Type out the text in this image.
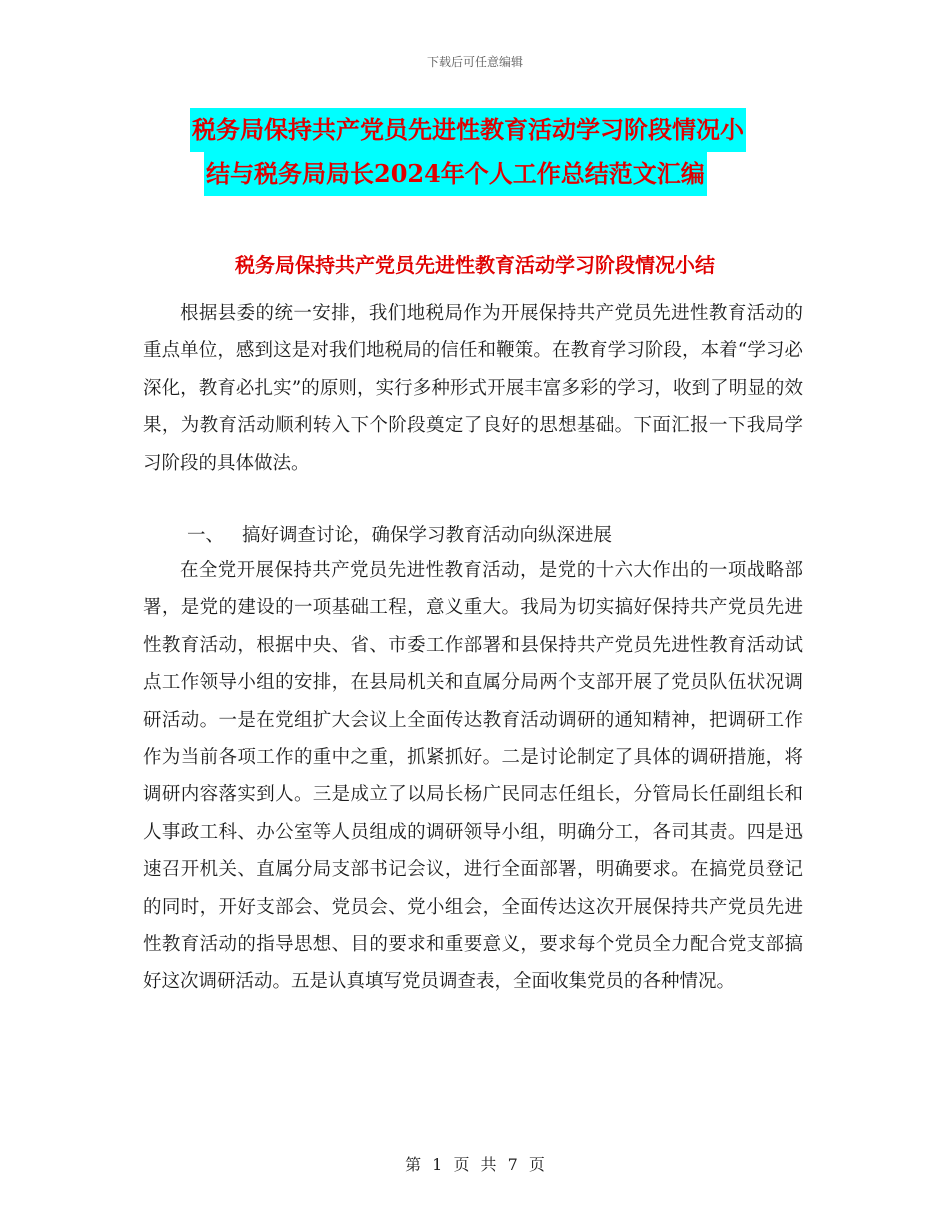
下载后可任意编辑
税务局保持共产党员先进性教育活动学习阶段情况小
结与税务局局长2024年个人工作总结范文汇编
税务局保持共产党员先进性教育活动学习阶段情况小结

根据县委的统一安排，我们地税局作为开展保持共产党员先进性教育活动的重点单位，感到这是对我们地税局的信任和鞭策。在教育学习阶段，本着“学习必深化，教育必扎实”的原则，实行多种形式开展丰富多彩的学习，收到了明显的效果，为教育活动顺利转入下个阶段奠定了良好的思想基础。下面汇报一下我局学习阶段的具体做法。

一、 搞好调查讨论，确保学习教育活动向纵深进展

在全党开展保持共产党员先进性教育活动，是党的十六大作出的一项战略部署，是党的建设的一项基础工程，意义重大。我局为切实搞好保持共产党员先进性教育活动，根据中央、省、市委工作部署和县保持共产党员先进性教育活动试点工作领导小组的安排，在县局机关和直属分局两个支部开展了党员队伍状况调研活动。一是在党组扩大会议上全面传达教育活动调研的通知精神，把调研工作作为当前各项工作的重中之重，抓紧抓好。二是讨论制定了具体的调研措施，将调研内容落实到人。三是成立了以局长杨广民同志任组长，分管局长任副组长和人事政工科、办公室等人员组成的调研领导小组，明确分工，各司其责。四是迅速召开机关、直属分局支部书记会议，进行全面部署，明确要求。在搞党员登记的同时，开好支部会、党员会、党小组会，全面传达这次开展保持共产党员先进性教育活动的指导思想、目的要求和重要意义，要求每个党员全力配合党支部搞好这次调研活动。五是认真填写党员调查表，全面收集党员的各种情况。

第 1 页 共 7 页
